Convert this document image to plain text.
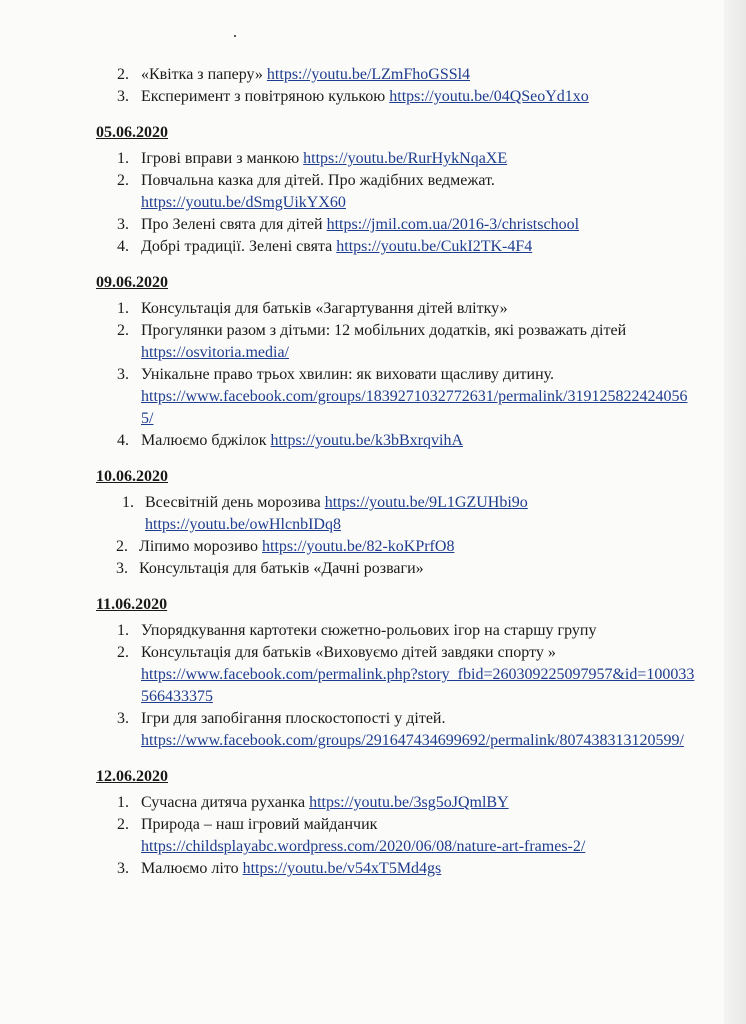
2. «Квітка з паперу» https://youtu.be/LZmFhoGSSl4
3. Експеримент з повітряною кулькою https://youtu.be/04QSeoYd1xo
05.06.2020
1. Ігрові вправи з манкою https://youtu.be/RurHykNqaXE
2. Повчальна казка для дітей. Про жадібних ведмежат.
https://youtu.be/dSmgUikYX60
3. Про Зелені свята для дітей https://jmil.com.ua/2016-3/christschool
4. Добрі традиції. Зелені свята https://youtu.be/CukI2TK-4F4
09.06.2020
1. Консультація для батьків «Загартування дітей влітку»
2. Прогулянки разом з дітьми: 12 мобільних додатків, які розважать дітей
https://osvitoria.media/
3. Унікальне право трьох хвилин: як виховати щасливу дитину.
https://www.facebook.com/groups/1839271032772631/permalink/3191258224240565/
4. Малюємо бджілок https://youtu.be/k3bBxrqvihA
10.06.2020
1. Всесвітній день морозива https://youtu.be/9L1GZUHbi9o
https://youtu.be/owHlcnbIDq8
2. Ліпимо морозиво https://youtu.be/82-koKPrfO8
3. Консультація для батьків «Дачні розваги»
11.06.2020
1. Упорядкування картотеки сюжетно-рольових ігор на старшу групу
2. Консультація для батьків «Виховуємо дітей завдяки спорту »
https://www.facebook.com/permalink.php?story_fbid=260309225097957&id=100033566433375
3. Ігри для запобігання плоскостопості у дітей.
https://www.facebook.com/groups/291647434699692/permalink/807438313120599/
12.06.2020
1. Сучасна дитяча руханка https://youtu.be/3sg5oJQmlBY
2. Природа – наш ігровий майданчик
https://childsplayabc.wordpress.com/2020/06/08/nature-art-frames-2/
3. Малюємо літо https://youtu.be/v54xT5Md4gs
